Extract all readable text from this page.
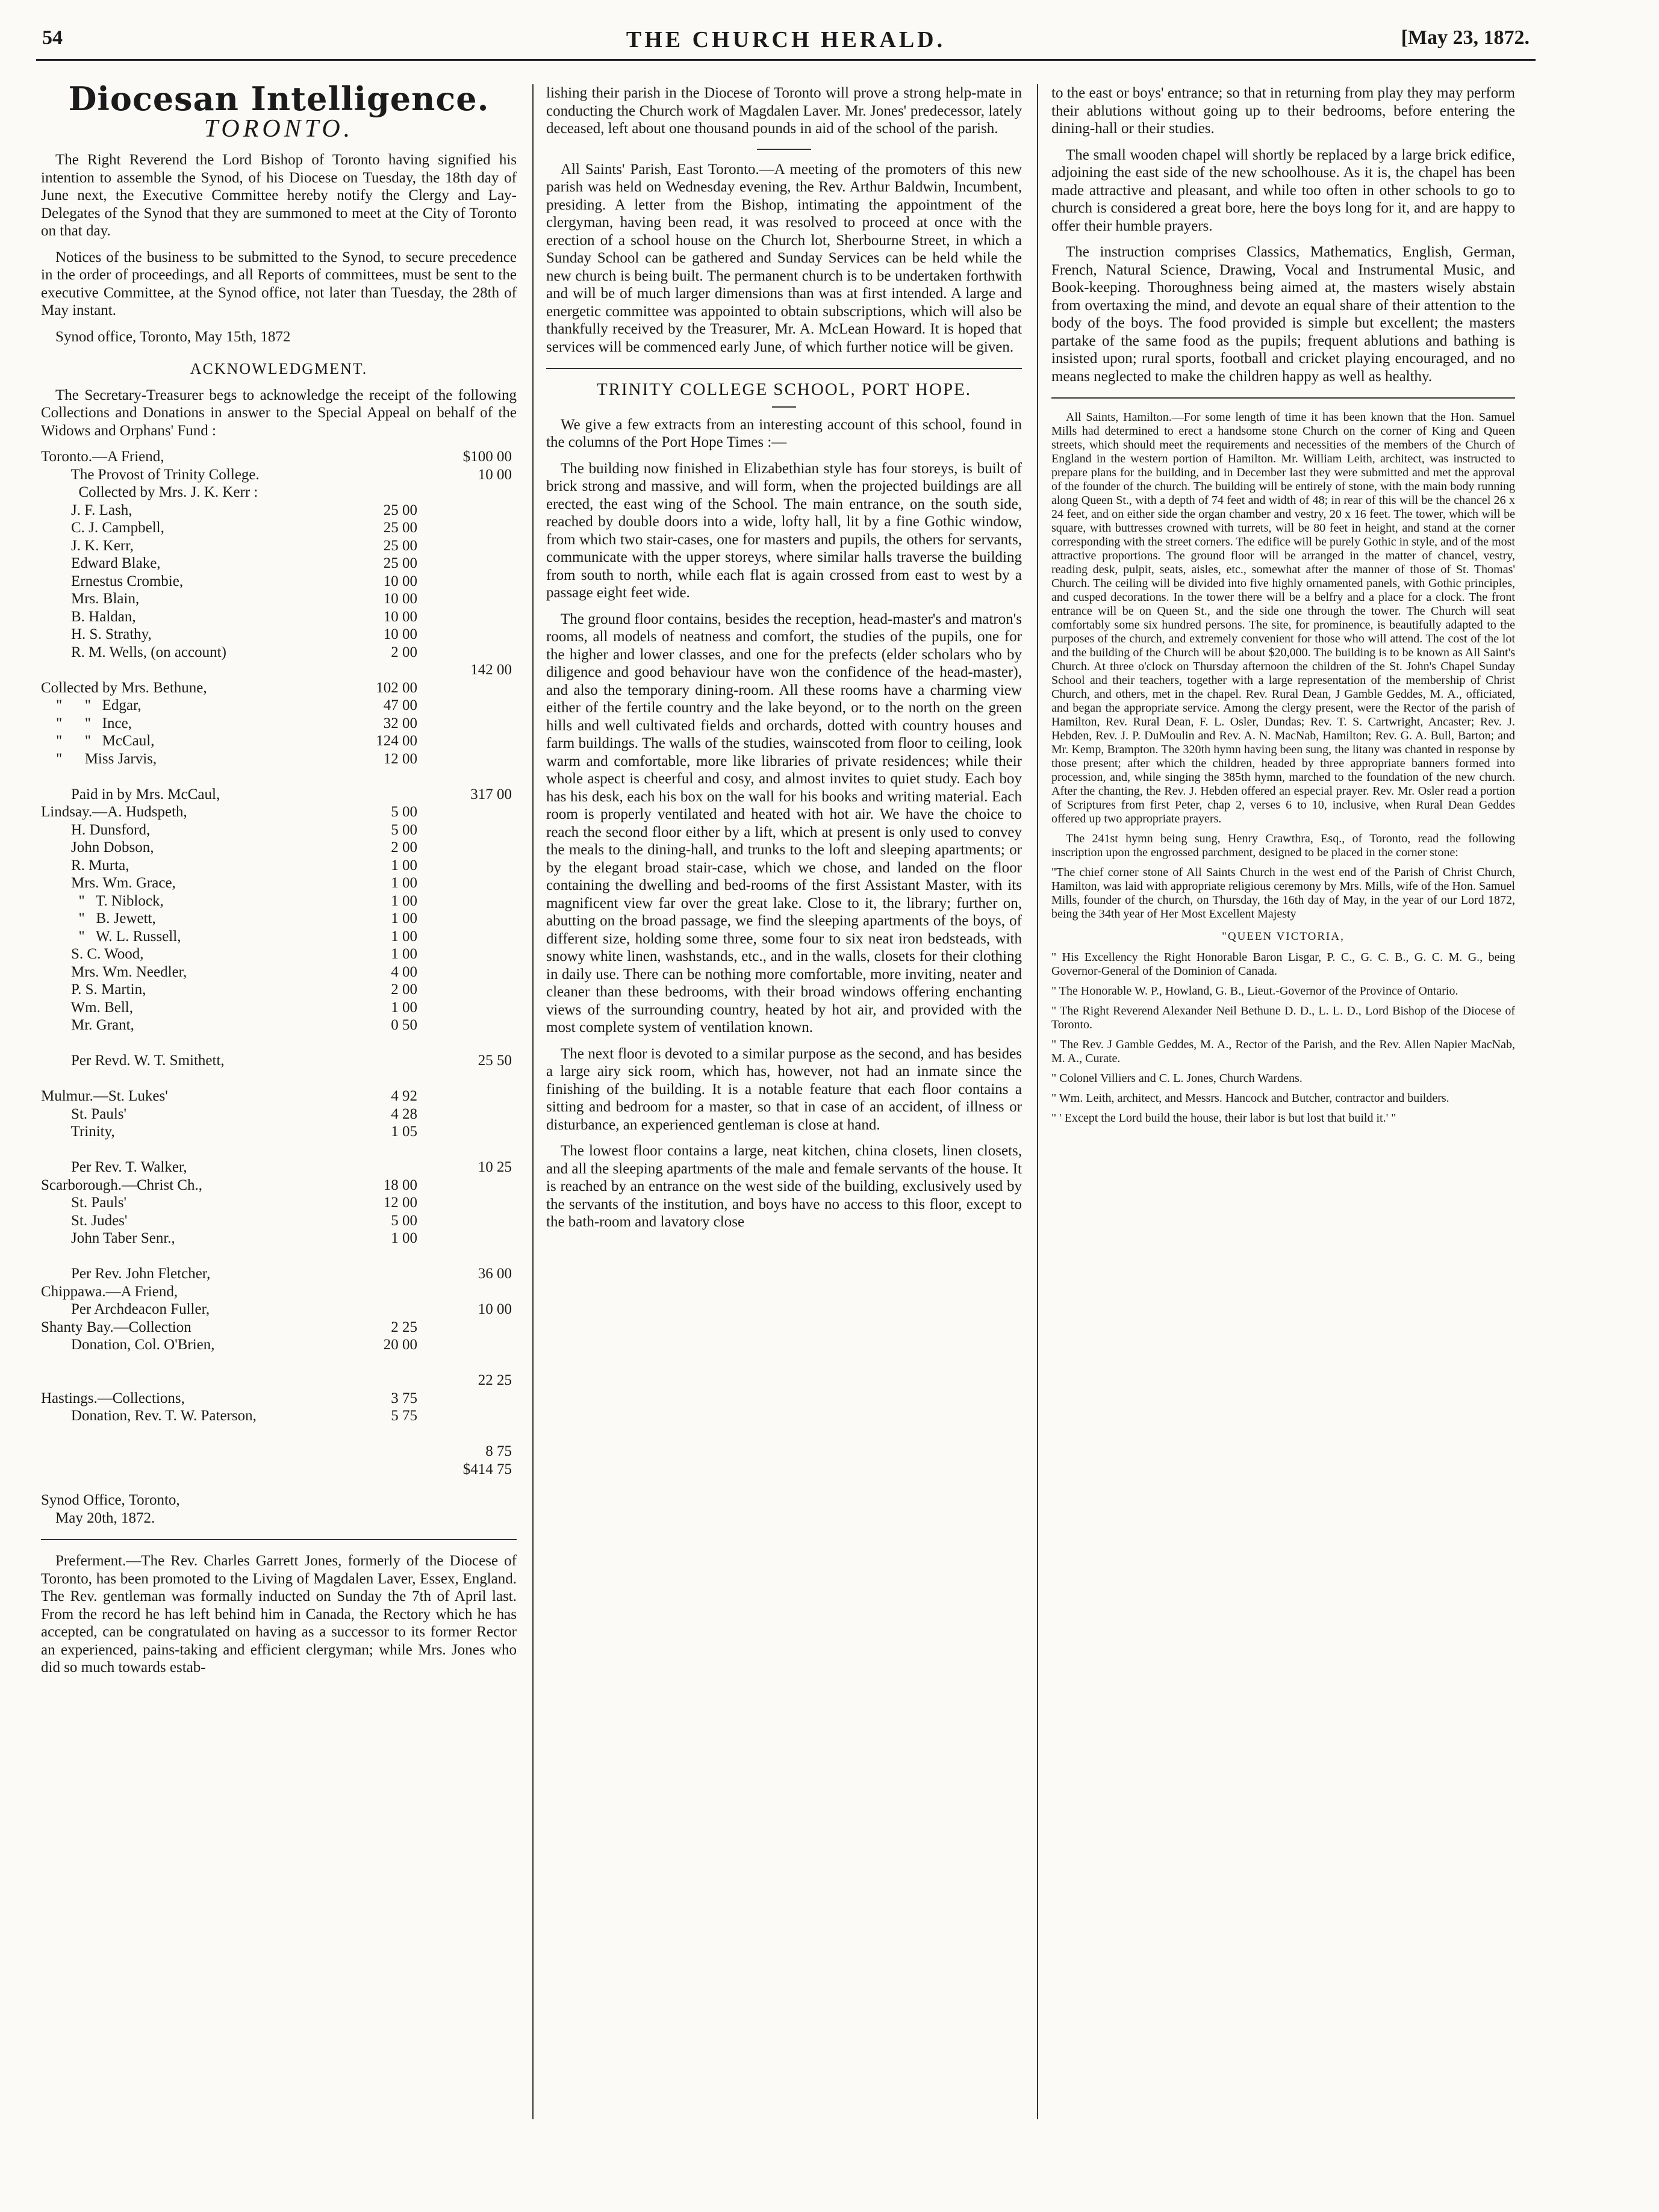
54	THE CHURCH HERALD.	[May 23, 1872.
Diocesan Intelligence.
TORONTO.

The Right Reverend the Lord Bishop of Toronto having signified his intention to assemble the Synod, of his Diocese on Tuesday, the 18th day of June next, the Executive Committee hereby notify the Clergy and Lay-Delegates of the Synod that they are summoned to meet at the City of Toronto on that day.

Notices of the business to be submitted to the Synod, to secure precedence in the order of proceedings, and all Reports of committees, must be sent to the executive Committee, at the Synod office, not later than Tuesday, the 28th of May instant.

Synod office, Toronto, May 15th, 1872

ACKNOWLEDGMENT.

The Secretary-Treasurer begs to acknowledge the receipt of the following Collections and Donations in answer to the Special Appeal on behalf of the Widows and Orphans' Fund :

Toronto.—A Friend,	$100 00
The Provost of Trinity College.	10 00
Collected by Mrs. J. K. Kerr :
J. F. Lash,	25 00
C. J. Campbell,	25 00
J. K. Kerr,	25 00
Edward Blake,	25 00
Ernestus Crombie,	10 00
Mrs. Blain,	10 00
B. Haldan,	10 00
H. S. Strathy,	10 00
R. M. Wells, (on account)	2 00
142 00
Collected by Mrs. Bethune,	102 00
"      "   Edgar,	47 00
"      "   Ince,	32 00
"      "   McCaul,	124 00
"      Miss Jarvis,	12 00
Paid in by Mrs. McCaul,	317 00
Lindsay.—A. Hudspeth,	5 00
H. Dunsford,	5 00
John Dobson,	2 00
R. Murta,	1 00
Mrs. Wm. Grace,	1 00
"   T. Niblock,	1 00
"   B. Jewett,	1 00
"   W. L. Russell,	1 00
S. C. Wood,	1 00
Mrs. Wm. Needler,	4 00
P. S. Martin,	2 00
Wm. Bell,	1 00
Mr. Grant,	0 50
Per Revd. W. T. Smithett,	25 50
Mulmur.—St. Lukes'	4 92
St. Pauls'	4 28
Trinity,	1 05
Per Rev. T. Walker,	10 25
Scarborough.—Christ Ch.,	18 00
St. Pauls'	12 00
St. Judes'	5 00
John Taber Senr.,	1 00
Per Rev. John Fletcher,	36 00
Chippawa.—A Friend,
Per Archdeacon Fuller,	10 00
Shanty Bay.—Collection	2 25
Donation, Col. O'Brien,	20 00
22 25
Hastings.—Collections,	3 75
Donation, Rev. T. W. Paterson,	5 75
8 75
$414 75

Synod Office, Toronto,

May 20th, 1872.

Preferment.—The Rev. Charles Garrett Jones, formerly of the Diocese of Toronto, has been promoted to the Living of Magdalen Laver, Essex, England. The Rev. gentleman was formally inducted on Sunday the 7th of April last. From the record he has left behind him in Canada, the Rectory which he has accepted, can be congratulated on having as a successor to its former Rector an experienced, pains-taking and efficient clergyman; while Mrs. Jones who did so much towards estab-

lishing their parish in the Diocese of Toronto will prove a strong help-mate in conducting the Church work of Magdalen Laver. Mr. Jones' predecessor, lately deceased, left about one thousand pounds in aid of the school of the parish.

All Saints' Parish, East Toronto.—A meeting of the promoters of this new parish was held on Wednesday evening, the Rev. Arthur Baldwin, Incumbent, presiding. A letter from the Bishop, intimating the appointment of the clergyman, having been read, it was resolved to proceed at once with the erection of a school house on the Church lot, Sherbourne Street, in which a Sunday School can be gathered and Sunday Services can be held while the new church is being built. The permanent church is to be undertaken forthwith and will be of much larger dimensions than was at first intended. A large and energetic committee was appointed to obtain subscriptions, which will also be thankfully received by the Treasurer, Mr. A. McLean Howard. It is hoped that services will be commenced early June, of which further notice will be given.

TRINITY COLLEGE SCHOOL, PORT HOPE.

We give a few extracts from an interesting account of this school, found in the columns of the Port Hope Times :—

The building now finished in Elizabethian style has four storeys, is built of brick strong and massive, and will form, when the projected buildings are all erected, the east wing of the School. The main entrance, on the south side, reached by double doors into a wide, lofty hall, lit by a fine Gothic window, from which two stair-cases, one for masters and pupils, the others for servants, communicate with the upper storeys, where similar halls traverse the building from south to north, while each flat is again crossed from east to west by a passage eight feet wide.

The ground floor contains, besides the reception, head-master's and matron's rooms, all models of neatness and comfort, the studies of the pupils, one for the higher and lower classes, and one for the prefects (elder scholars who by diligence and good behaviour have won the confidence of the head-master), and also the temporary dining-room. All these rooms have a charming view either of the fertile country and the lake beyond, or to the north on the green hills and well cultivated fields and orchards, dotted with country houses and farm buildings. The walls of the studies, wainscoted from floor to ceiling, look warm and comfortable, more like libraries of private residences; while their whole aspect is cheerful and cosy, and almost invites to quiet study. Each boy has his desk, each his box on the wall for his books and writing material. Each room is properly ventilated and heated with hot air. We have the choice to reach the second floor either by a lift, which at present is only used to convey the meals to the dining-hall, and trunks to the loft and sleeping apartments; or by the elegant broad stair-case, which we chose, and landed on the floor containing the dwelling and bed-rooms of the first Assistant Master, with its magnificent view far over the great lake. Close to it, the library; further on, abutting on the broad passage, we find the sleeping apartments of the boys, of different size, holding some three, some four to six neat iron bedsteads, with snowy white linen, washstands, etc., and in the walls, closets for their clothing in daily use. There can be nothing more comfortable, more inviting, neater and cleaner than these bedrooms, with their broad windows offering enchanting views of the surrounding country, heated by hot air, and provided with the most complete system of ventilation known.

The next floor is devoted to a similar purpose as the second, and has besides a large airy sick room, which has, however, not had an inmate since the finishing of the building. It is a notable feature that each floor contains a sitting and bedroom for a master, so that in case of an accident, of illness or disturbance, an experienced gentleman is close at hand.

The lowest floor contains a large, neat kitchen, china closets, linen closets, and all the sleeping apartments of the male and female servants of the house. It is reached by an entrance on the west side of the building, exclusively used by the servants of the institution, and boys have no access to this floor, except to the bath-room and lavatory close

to the east or boys' entrance; so that in returning from play they may perform their ablutions without going up to their bedrooms, before entering the dining-hall or their studies.

The small wooden chapel will shortly be replaced by a large brick edifice, adjoining the east side of the new schoolhouse. As it is, the chapel has been made attractive and pleasant, and while too often in other schools to go to church is considered a great bore, here the boys long for it, and are happy to offer their humble prayers.

The instruction comprises Classics, Mathematics, English, German, French, Natural Science, Drawing, Vocal and Instrumental Music, and Book-keeping. Thoroughness being aimed at, the masters wisely abstain from overtaxing the mind, and devote an equal share of their attention to the body of the boys. The food provided is simple but excellent; the masters partake of the same food as the pupils; frequent ablutions and bathing is insisted upon; rural sports, football and cricket playing encouraged, and no means neglected to make the children happy as well as healthy.

All Saints, Hamilton.—For some length of time it has been known that the Hon. Samuel Mills had determined to erect a handsome stone Church on the corner of King and Queen streets, which should meet the requirements and necessities of the members of the Church of England in the western portion of Hamilton. Mr. William Leith, architect, was instructed to prepare plans for the building, and in December last they were submitted and met the approval of the founder of the church. The building will be entirely of stone, with the main body running along Queen St., with a depth of 74 feet and width of 48; in rear of this will be the chancel 26 x 24 feet, and on either side the organ chamber and vestry, 20 x 16 feet. The tower, which will be square, with buttresses crowned with turrets, will be 80 feet in height, and stand at the corner corresponding with the street corners. The edifice will be purely Gothic in style, and of the most attractive proportions. The ground floor will be arranged in the matter of chancel, vestry, reading desk, pulpit, seats, aisles, etc., somewhat after the manner of those of St. Thomas' Church. The ceiling will be divided into five highly ornamented panels, with Gothic principles, and cusped decorations. In the tower there will be a belfry and a place for a clock. The front entrance will be on Queen St., and the side one through the tower. The Church will seat comfortably some six hundred persons. The site, for prominence, is beautifully adapted to the purposes of the church, and extremely convenient for those who will attend. The cost of the lot and the building of the Church will be about $20,000. The building is to be known as All Saint's Church. At three o'clock on Thursday afternoon the children of the St. John's Chapel Sunday School and their teachers, together with a large representation of the membership of Christ Church, and others, met in the chapel. Rev. Rural Dean, J Gamble Geddes, M. A., officiated, and began the appropriate service. Among the clergy present, were the Rector of the parish of Hamilton, Rev. Rural Dean, F. L. Osler, Dundas; Rev. T. S. Cartwright, Ancaster; Rev. J. Hebden, Rev. J. P. DuMoulin and Rev. A. N. MacNab, Hamilton; Rev. G. A. Bull, Barton; and Mr. Kemp, Brampton. The 320th hymn having been sung, the litany was chanted in response by those present; after which the children, headed by three appropriate banners formed into procession, and, while singing the 385th hymn, marched to the foundation of the new church. After the chanting, the Rev. J. Hebden offered an especial prayer. Rev. Mr. Osler read a portion of Scriptures from first Peter, chap 2, verses 6 to 10, inclusive, when Rural Dean Geddes offered up two appropriate prayers.

The 241st hymn being sung, Henry Crawthra, Esq., of Toronto, read the following inscription upon the engrossed parchment, designed to be placed in the corner stone:

"The chief corner stone of All Saints Church in the west end of the Parish of Christ Church, Hamilton, was laid with appropriate religious ceremony by Mrs. Mills, wife of the Hon. Samuel Mills, founder of the church, on Thursday, the 16th day of May, in the year of our Lord 1872, being the 34th year of Her Most Excellent Majesty

"QUEEN VICTORIA,

" His Excellency the Right Honorable Baron Lisgar, P. C., G. C. B., G. C. M. G., being Governor-General of the Dominion of Canada.

" The Honorable W. P., Howland, G. B., Lieut.-Governor of the Province of Ontario.

" The Right Reverend Alexander Neil Bethune D. D., L. L. D., Lord Bishop of the Diocese of Toronto.

" The Rev. J Gamble Geddes, M. A., Rector of the Parish, and the Rev. Allen Napier MacNab, M. A., Curate.

" Colonel Villiers and C. L. Jones, Church Wardens.

" Wm. Leith, architect, and Messrs. Hancock and Butcher, contractor and builders.

" ' Except the Lord build the house, their labor is but lost that build it.' "
